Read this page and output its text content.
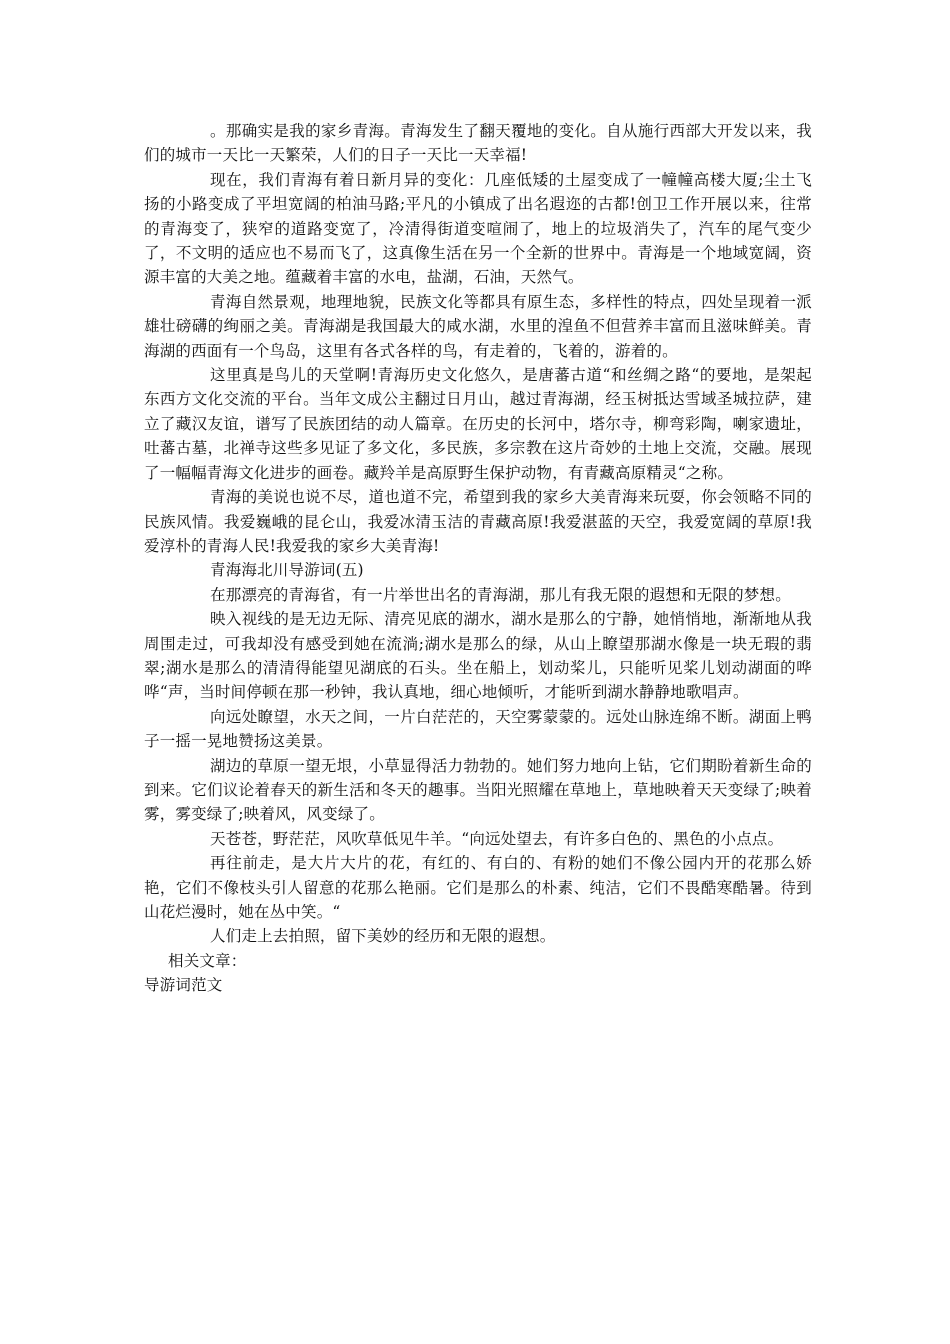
。那确实是我的家乡青海。青海发生了翻天覆地的变化。自从施行西部大开发以来，我们的城市一天比一天繁荣，人们的日子一天比一天幸福!

现在，我们青海有着日新月异的变化：几座低矮的土屋变成了一幢幢高楼大厦;尘土飞扬的小路变成了平坦宽阔的柏油马路;平凡的小镇成了出名遐迩的古都!创卫工作开展以来，往常的青海变了，狭窄的道路变宽了，冷清得街道变喧闹了，地上的垃圾消失了，汽车的尾气变少了，不文明的适应也不易而飞了，这真像生活在另一个全新的世界中。青海是一个地域宽阔，资源丰富的大美之地。蕴藏着丰富的水电，盐湖，石油，天然气。

青海自然景观，地理地貌，民族文化等都具有原生态，多样性的特点，四处呈现着一派雄壮磅礴的绚丽之美。青海湖是我国最大的咸水湖，水里的湟鱼不但营养丰富而且滋味鲜美。青海湖的西面有一个鸟岛，这里有各式各样的鸟，有走着的，飞着的，游着的。

这里真是鸟儿的天堂啊!青海历史文化悠久，是唐蕃古道“和丝绸之路“的要地，是架起东西方文化交流的平台。当年文成公主翻过日月山，越过青海湖，经玉树抵达雪域圣城拉萨，建立了藏汉友谊，谱写了民族团结的动人篇章。在历史的长河中，塔尔寺，柳弯彩陶，喇家遗址，吐蕃古墓，北禅寺这些多见证了多文化，多民族，多宗教在这片奇妙的土地上交流，交融。展现了一幅幅青海文化进步的画卷。藏羚羊是高原野生保护动物，有青藏高原精灵“之称。

青海的美说也说不尽，道也道不完，希望到我的家乡大美青海来玩耍，你会领略不同的民族风情。我爱巍峨的昆仑山，我爱冰清玉洁的青藏高原!我爱湛蓝的天空，我爱宽阔的草原!我爱淳朴的青海人民!我爱我的家乡大美青海!

青海海北川导游词(五)

在那漂亮的青海省，有一片举世出名的青海湖，那儿有我无限的遐想和无限的梦想。

映入视线的是无边无际、清亮见底的湖水，湖水是那么的宁静，她悄悄地，渐渐地从我周围走过，可我却没有感受到她在流淌;湖水是那么的绿，从山上瞭望那湖水像是一块无瑕的翡翠;湖水是那么的清清得能望见湖底的石头。坐在船上，划动桨儿，只能听见桨儿划动湖面的哗哗“声，当时间停顿在那一秒钟，我认真地，细心地倾听，才能听到湖水静静地歌唱声。

向远处瞭望，水天之间，一片白茫茫的，天空雾蒙蒙的。远处山脉连绵不断。湖面上鸭子一摇一晃地赞扬这美景。

湖边的草原一望无垠，小草显得活力勃勃的。她们努力地向上钻，它们期盼着新生命的到来。它们议论着春天的新生活和冬天的趣事。当阳光照耀在草地上，草地映着天天变绿了;映着雾，雾变绿了;映着风，风变绿了。

天苍苍，野茫茫，风吹草低见牛羊。“向远处望去，有许多白色的、黑色的小点点。

再往前走，是大片大片的花，有红的、有白的、有粉的她们不像公园内开的花那么娇艳，它们不像枝头引人留意的花那么艳丽。它们是那么的朴素、纯洁，它们不畏酷寒酷暑。待到山花烂漫时，她在丛中笑。“

人们走上去拍照，留下美妙的经历和无限的遐想。

相关文章：

导游词范文
